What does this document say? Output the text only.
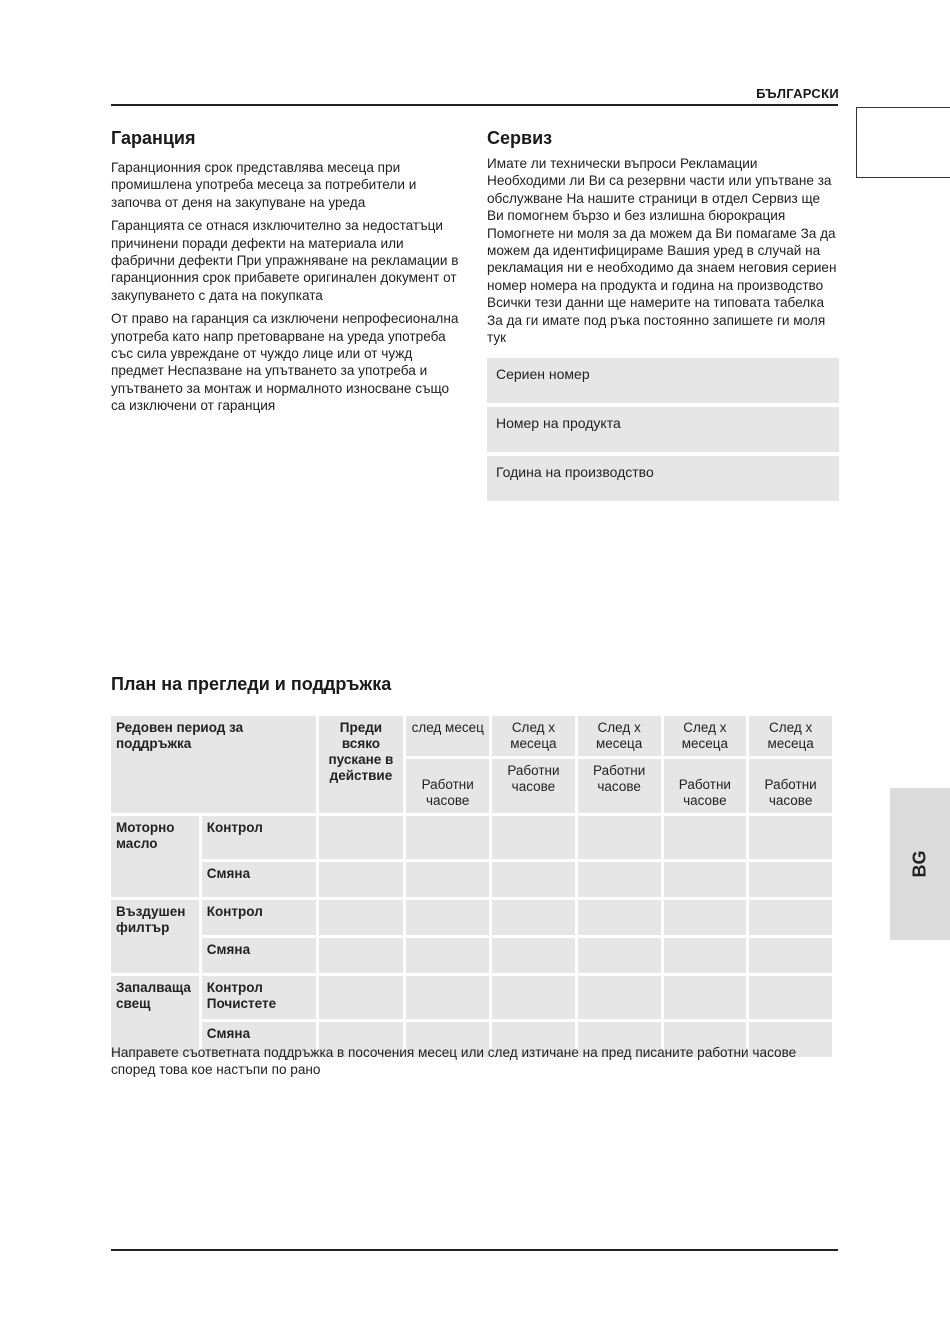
БЪЛГАРСКИ
BG
Гаранция

Гаранционния срок представлява месеца при промишлена употреба месеца за потребители и започва от деня на закупуване на уреда

Гаранцията се отнася изключително за недостатъци причинени поради дефекти на материала или фабрични дефекти При упражняване на рекламации в гаранционния срок прибавете оригинален документ от закупуването с дата на покупката

От право на гаранция са изключени непрофесионална употреба като напр претоварване на уреда употреба със сила увреждане от чуждо лице или от чужд предмет Неспазване на упътването за употреба и упътването за монтаж и нормалното износване също са изключени от гаранция

Сервиз

Имате ли технически въпроси Рекламации Необходими ли Ви са резервни части или упътване за обслужване На нашите страници в отдел Сервиз ще Ви помогнем бързо и без излишна бюрокрация Помогнете ни моля за да можем да Ви помагаме За да можем да идентифицираме Вашия уред в случай на рекламация ни е необходимо да знаем неговия сериен номер номера на продукта и година на производство Всички тези данни ще намерите на типовата табелка За да ги имате под ръка постоянно запишете ги моля тук

Сериен номер
Номер на продукта
Година на производство
План на прегледи и поддръжка
Редовен период за поддръжка		Преди всяко пускане в действие	след месец	След х месеца	След х месеца	След х месеца	След х месеца
			Работни часове	Работни часове	Работни часове	Работни часове	Работни часове
Моторно масло	Контрол						
	Смяна						
Въздушен филтър	Контрол						
	Смяна						
Запалваща свещ	Контрол Почистете						
	Смяна						

Направете съответната поддръжка в посочения месец или след изтичане на пред писаните работни часове според това кое настъпи по рано
